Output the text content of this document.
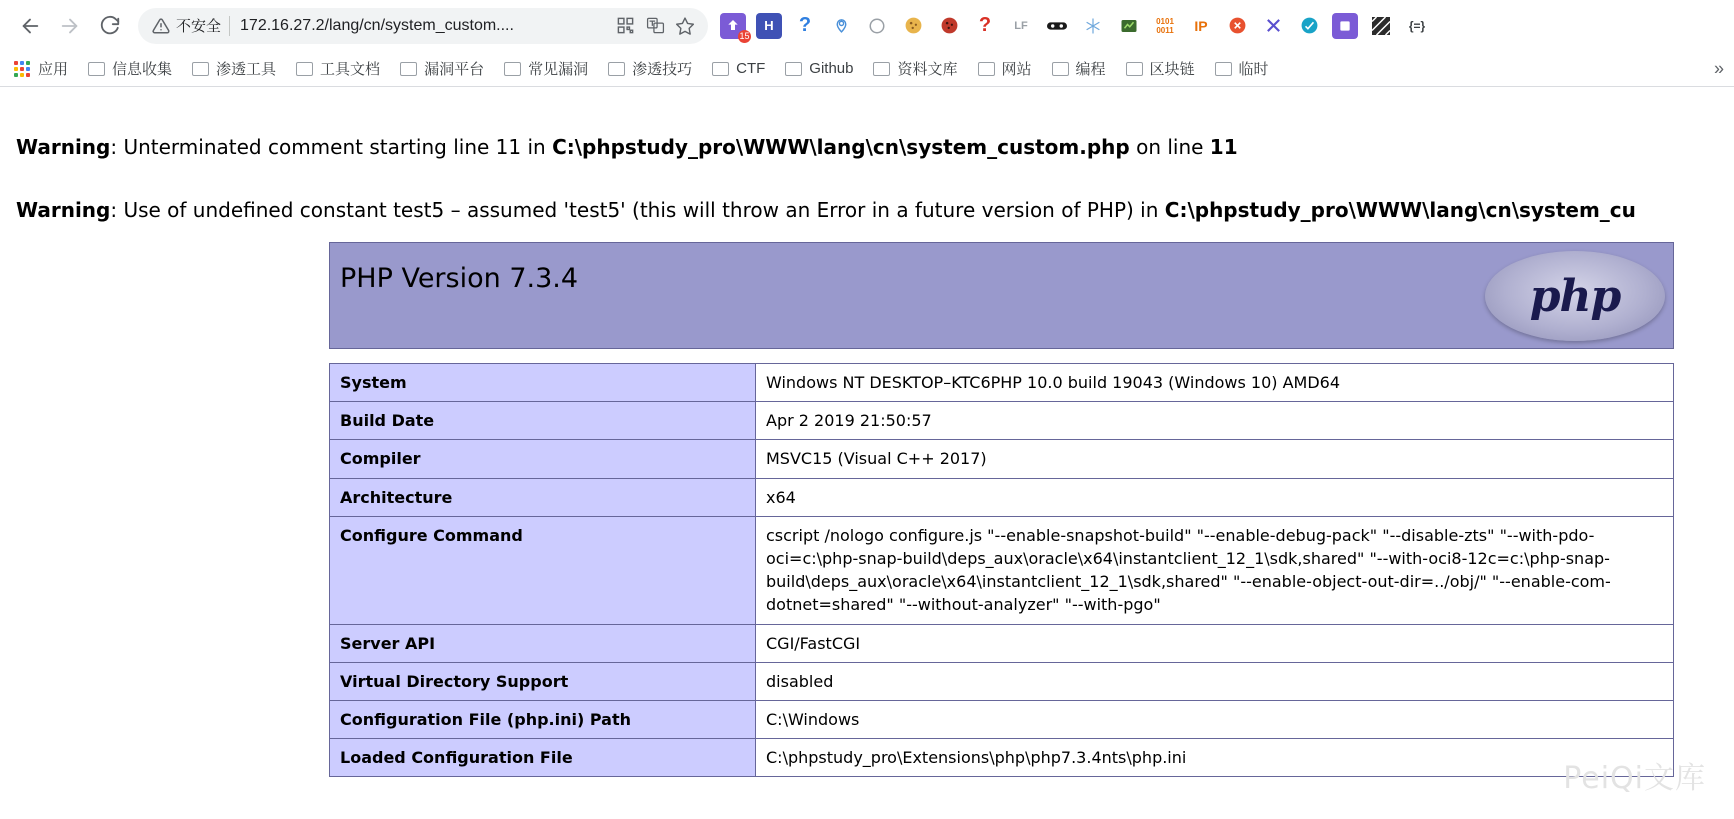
不安全 172.16.27.2/lang/cn/system_custom....
15
H	?	?	LF	0101 0011	IP	{=}
应用	信息收集	渗透工具	工具文档	漏洞平台	常见漏洞	渗透技巧	CTF	Github	资料文库	网站	编程	区块链	临时	»
Warning: Unterminated comment starting line 11 in C:\phpstudy_pro\WWW\lang\cn\system_custom.php on line 11
Warning: Use of undefined constant test5 – assumed 'test5' (this will throw an Error in a future version of PHP) in C:\phpstudy_pro\WWW\lang\cn\system_cu
PHP Version 7.3.4	php
System	Windows NT DESKTOP–KTC6PHP 10.0 build 19043 (Windows 10) AMD64
Build Date	Apr 2 2019 21:50:57
Compiler	MSVC15 (Visual C++ 2017)
Architecture	x64
Configure Command	cscript /nologo configure.js "--enable-snapshot-build" "--enable-debug-pack" "--disable-zts" "--with-pdo-oci=c:\php-snap-build\deps_aux\oracle\x64\instantclient_12_1\sdk,shared" "--with-oci8-12c=c:\php-snap-build\deps_aux\oracle\x64\instantclient_12_1\sdk,shared" "--enable-object-out-dir=../obj/" "--enable-com-dotnet=shared" "--without-analyzer" "--with-pgo"
Server API	CGI/FastCGI
Virtual Directory Support	disabled
Configuration File (php.ini) Path	C:\Windows
Loaded Configuration File	C:\phpstudy_pro\Extensions\php\php7.3.4nts\php.ini
PeiQi文库
